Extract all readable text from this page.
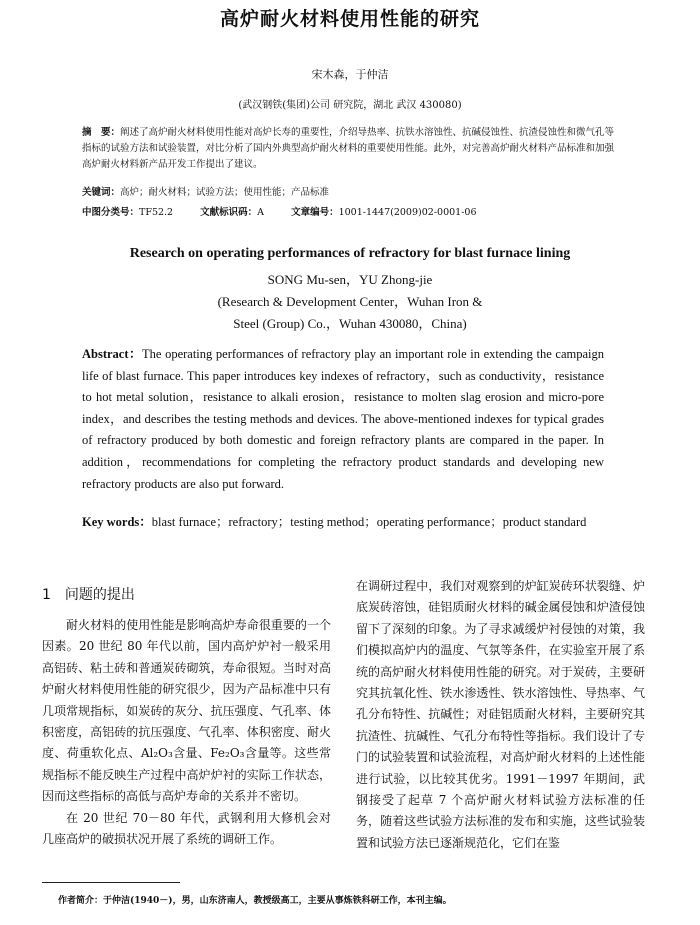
高炉耐火材料使用性能的研究
宋木森，于仲洁
(武汉钢铁(集团)公司 研究院，湖北 武汉 430080)
摘　要：阐述了高炉耐火材料使用性能对高炉长寿的重要性，介绍导热率、抗铁水溶蚀性、抗碱侵蚀性、抗渣侵蚀性和微气孔等指标的试验方法和试验装置，对比分析了国内外典型高炉耐火材料的重要使用性能。此外，对完善高炉耐火材料产品标准和加强高炉耐火材料新产品开发工作提出了建议。
关键词：高炉；耐火材料；试验方法；使用性能；产品标准
中图分类号：TF52.2	文献标识码：A	文章编号：1001-1447(2009)02-0001-06
Research on operating performances of refractory for blast furnace lining
SONG Mu-sen，YU Zhong-jie
(Research & Development Center，Wuhan Iron &
Steel (Group) Co.，Wuhan 430080，China)
Abstract：The operating performances of refractory play an important role in extending the campaign life of blast furnace. This paper introduces key indexes of refractory，such as conductivity，resistance to hot metal solution，resistance to alkali erosion，resistance to molten slag erosion and micro-pore index，and describes the testing methods and devices. The above-mentioned indexes for typical grades of refractory produced by both domestic and foreign refractory plants are compared in the paper. In addition，recommendations for completing the refractory product standards and developing new refractory products are also put forward.
Key words：blast furnace；refractory；testing method；operating performance；product standard
1　问题的提出

耐火材料的使用性能是影响高炉寿命很重要的一个因素。20 世纪 80 年代以前，国内高炉炉衬一般采用高铝砖、粘土砖和普通炭砖砌筑，寿命很短。当时对高炉耐火材料使用性能的研究很少，因为产品标准中只有几项常规指标，如炭砖的灰分、抗压强度、气孔率、体积密度，高铝砖的抗压强度、气孔率、体积密度、耐火度、荷重软化点、Al₂O₃含量、Fe₂O₃含量等。这些常规指标不能反映生产过程中高炉炉衬的实际工作状态，因而这些指标的高低与高炉寿命的关系并不密切。

在 20 世纪 70－80 年代，武钢利用大修机会对几座高炉的破损状况开展了系统的调研工作。

在调研过程中，我们对观察到的炉缸炭砖环状裂缝、炉底炭砖溶蚀，硅铝质耐火材料的碱金属侵蚀和炉渣侵蚀留下了深刻的印象。为了寻求减缓炉衬侵蚀的对策，我们模拟高炉内的温度、气氛等条件，在实验室开展了系统的高炉耐火材料使用性能的研究。对于炭砖，主要研究其抗氧化性、铁水渗透性、铁水溶蚀性、导热率、气孔分布特性、抗碱性；对硅铝质耐火材料，主要研究其抗渣性、抗碱性、气孔分布特性等指标。我们设计了专门的试验装置和试验流程，对高炉耐火材料的上述性能进行试验，以比较其优劣。1991－1997 年期间，武钢接受了起草 7 个高炉耐火材料试验方法标准的任务，随着这些试验方法标准的发布和实施，这些试验装置和试验方法已逐渐规范化，它们在鉴

作者简介：于仲洁(1940－)，男，山东济南人，教授级高工，主要从事炼铁科研工作，本刊主编。
